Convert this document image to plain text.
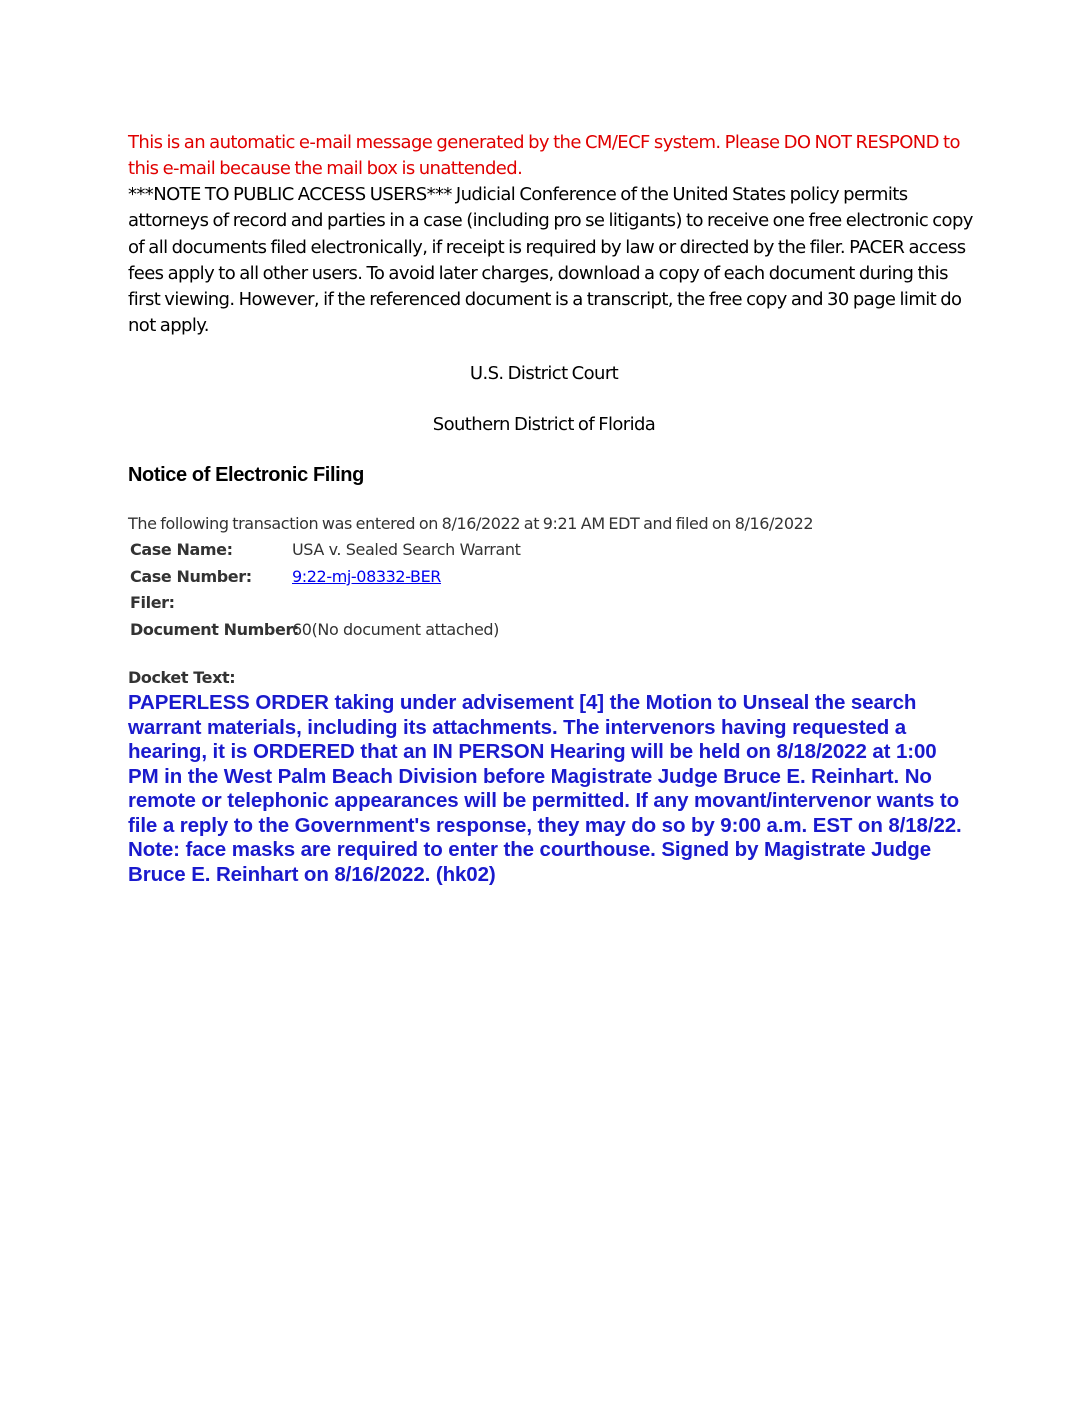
This is an automatic e-mail message generated by the CM/ECF system. Please DO NOT RESPOND to this e-mail because the mail box is unattended.
***NOTE TO PUBLIC ACCESS USERS*** Judicial Conference of the United States policy permits attorneys of record and parties in a case (including pro se litigants) to receive one free electronic copy of all documents filed electronically, if receipt is required by law or directed by the filer. PACER access fees apply to all other users. To avoid later charges, download a copy of each document during this first viewing. However, if the referenced document is a transcript, the free copy and 30 page limit do not apply.
U.S. District Court
Southern District of Florida
Notice of Electronic Filing
The following transaction was entered on 8/16/2022 at 9:21 AM EDT and filed on 8/16/2022
Case Name:	USA v. Sealed Search Warrant
Case Number:	9:22-mj-08332-BER
Filer:
Document Number:
60(No document attached)
Docket Text:
PAPERLESS ORDER taking under advisement [4] the Motion to Unseal the search warrant materials, including its attachments. The intervenors having requested a hearing, it is ORDERED that an IN PERSON Hearing will be held on 8/18/2022 at 1:00 PM in the West Palm Beach Division before Magistrate Judge Bruce E. Reinhart. No remote or telephonic appearances will be permitted. If any movant/intervenor wants to file a reply to the Government's response, they may do so by 9:00 a.m. EST on 8/18/22. Note: face masks are required to enter the courthouse. Signed by Magistrate Judge Bruce E. Reinhart on 8/16/2022. (hk02)
